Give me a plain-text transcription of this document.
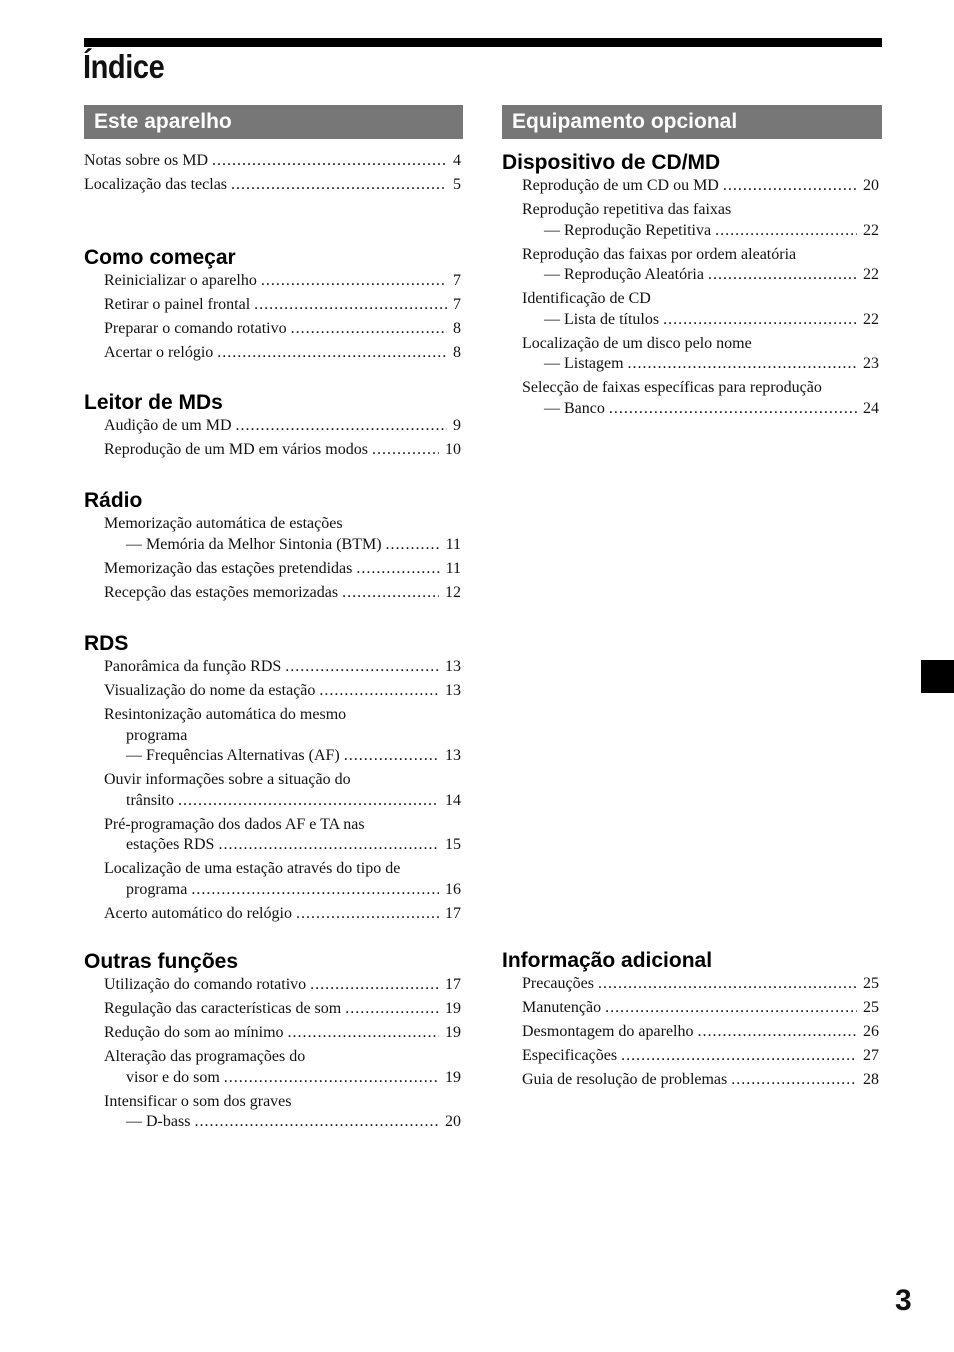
Índice
Este aparelho	Equipamento opcional
Notas sobre os MD .....	4
Localização das teclas .....	5
Como começar
Reinicializar o aparelho .....	7
Retirar o painel frontal .....	7
Preparar o comando rotativo .....	8
Acertar o relógio .....	8
Leitor de MDs
Audição de um MD .....	9
Reprodução de um MD em vários modos .....	10
Rádio
Memorização automática de estações
— Memória da Melhor Sintonia (BTM) .....	11
Memorização das estações pretendidas .....	11
Recepção das estações memorizadas .....	12
RDS
Panorâmica da função RDS .....	13
Visualização do nome da estação .....	13
Resintonização automática do mesmo
programa
— Frequências Alternativas (AF) .....	13
Ouvir informações sobre a situação do
trânsito .....	14
Pré-programação dos dados AF e TA nas
estações RDS .....	15
Localização de uma estação através do tipo de
programa .....	16
Acerto automático do relógio .....	17
Outras funções
Utilização do comando rotativo .....	17
Regulação das características de som .....	19
Redução do som ao mínimo .....	19
Alteração das programações do
visor e do som .....	19
Intensificar o som dos graves
— D-bass .....	20
Dispositivo de CD/MD
Reprodução de um CD ou MD .....	20
Reprodução repetitiva das faixas
— Reprodução Repetitiva .....	22
Reprodução das faixas por ordem aleatória
— Reprodução Aleatória .....	22
Identificação de CD
— Lista de títulos .....	22
Localização de um disco pelo nome
— Listagem .....	23
Selecção de faixas específicas para reprodução
— Banco .....	24
Informação adicional
Precauções .....	25
Manutenção .....	25
Desmontagem do aparelho .....	26
Especificações .....	27
Guia de resolução de problemas .....	28
3
